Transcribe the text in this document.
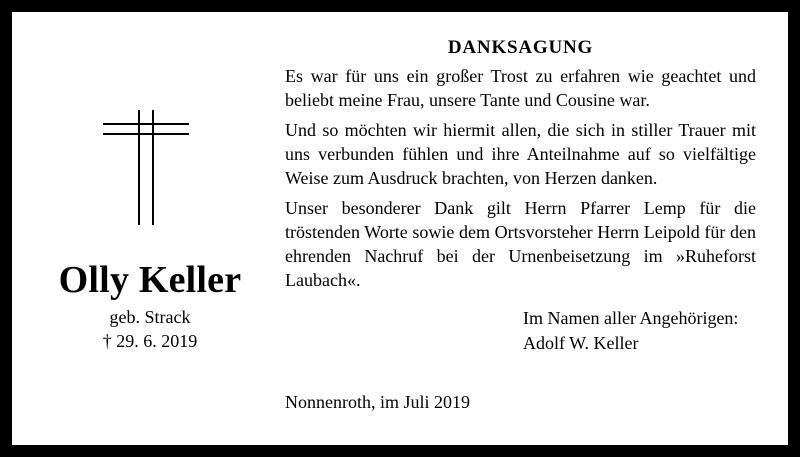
Olly Keller
geb. Strack
† 29. 6. 2019
DANKSAGUNG

Es war für uns ein großer Trost zu erfahren wie geachtet und beliebt meine Frau, unsere Tante und Cousine war.

Und so möchten wir hiermit allen, die sich in stiller Trauer mit uns verbunden fühlen und ihre Anteilnahme auf so vielfältige Weise zum Ausdruck brachten, von Herzen danken.

Unser besonderer Dank gilt Herrn Pfarrer Lemp für die tröstenden Worte sowie dem Ortsvorsteher Herrn Leipold für den ehrenden Nachruf bei der Urnenbeisetzung im »Ruheforst Laubach«.

Im Namen aller Angehörigen:
Adolf W. Keller
Nonnenroth, im Juli 2019
